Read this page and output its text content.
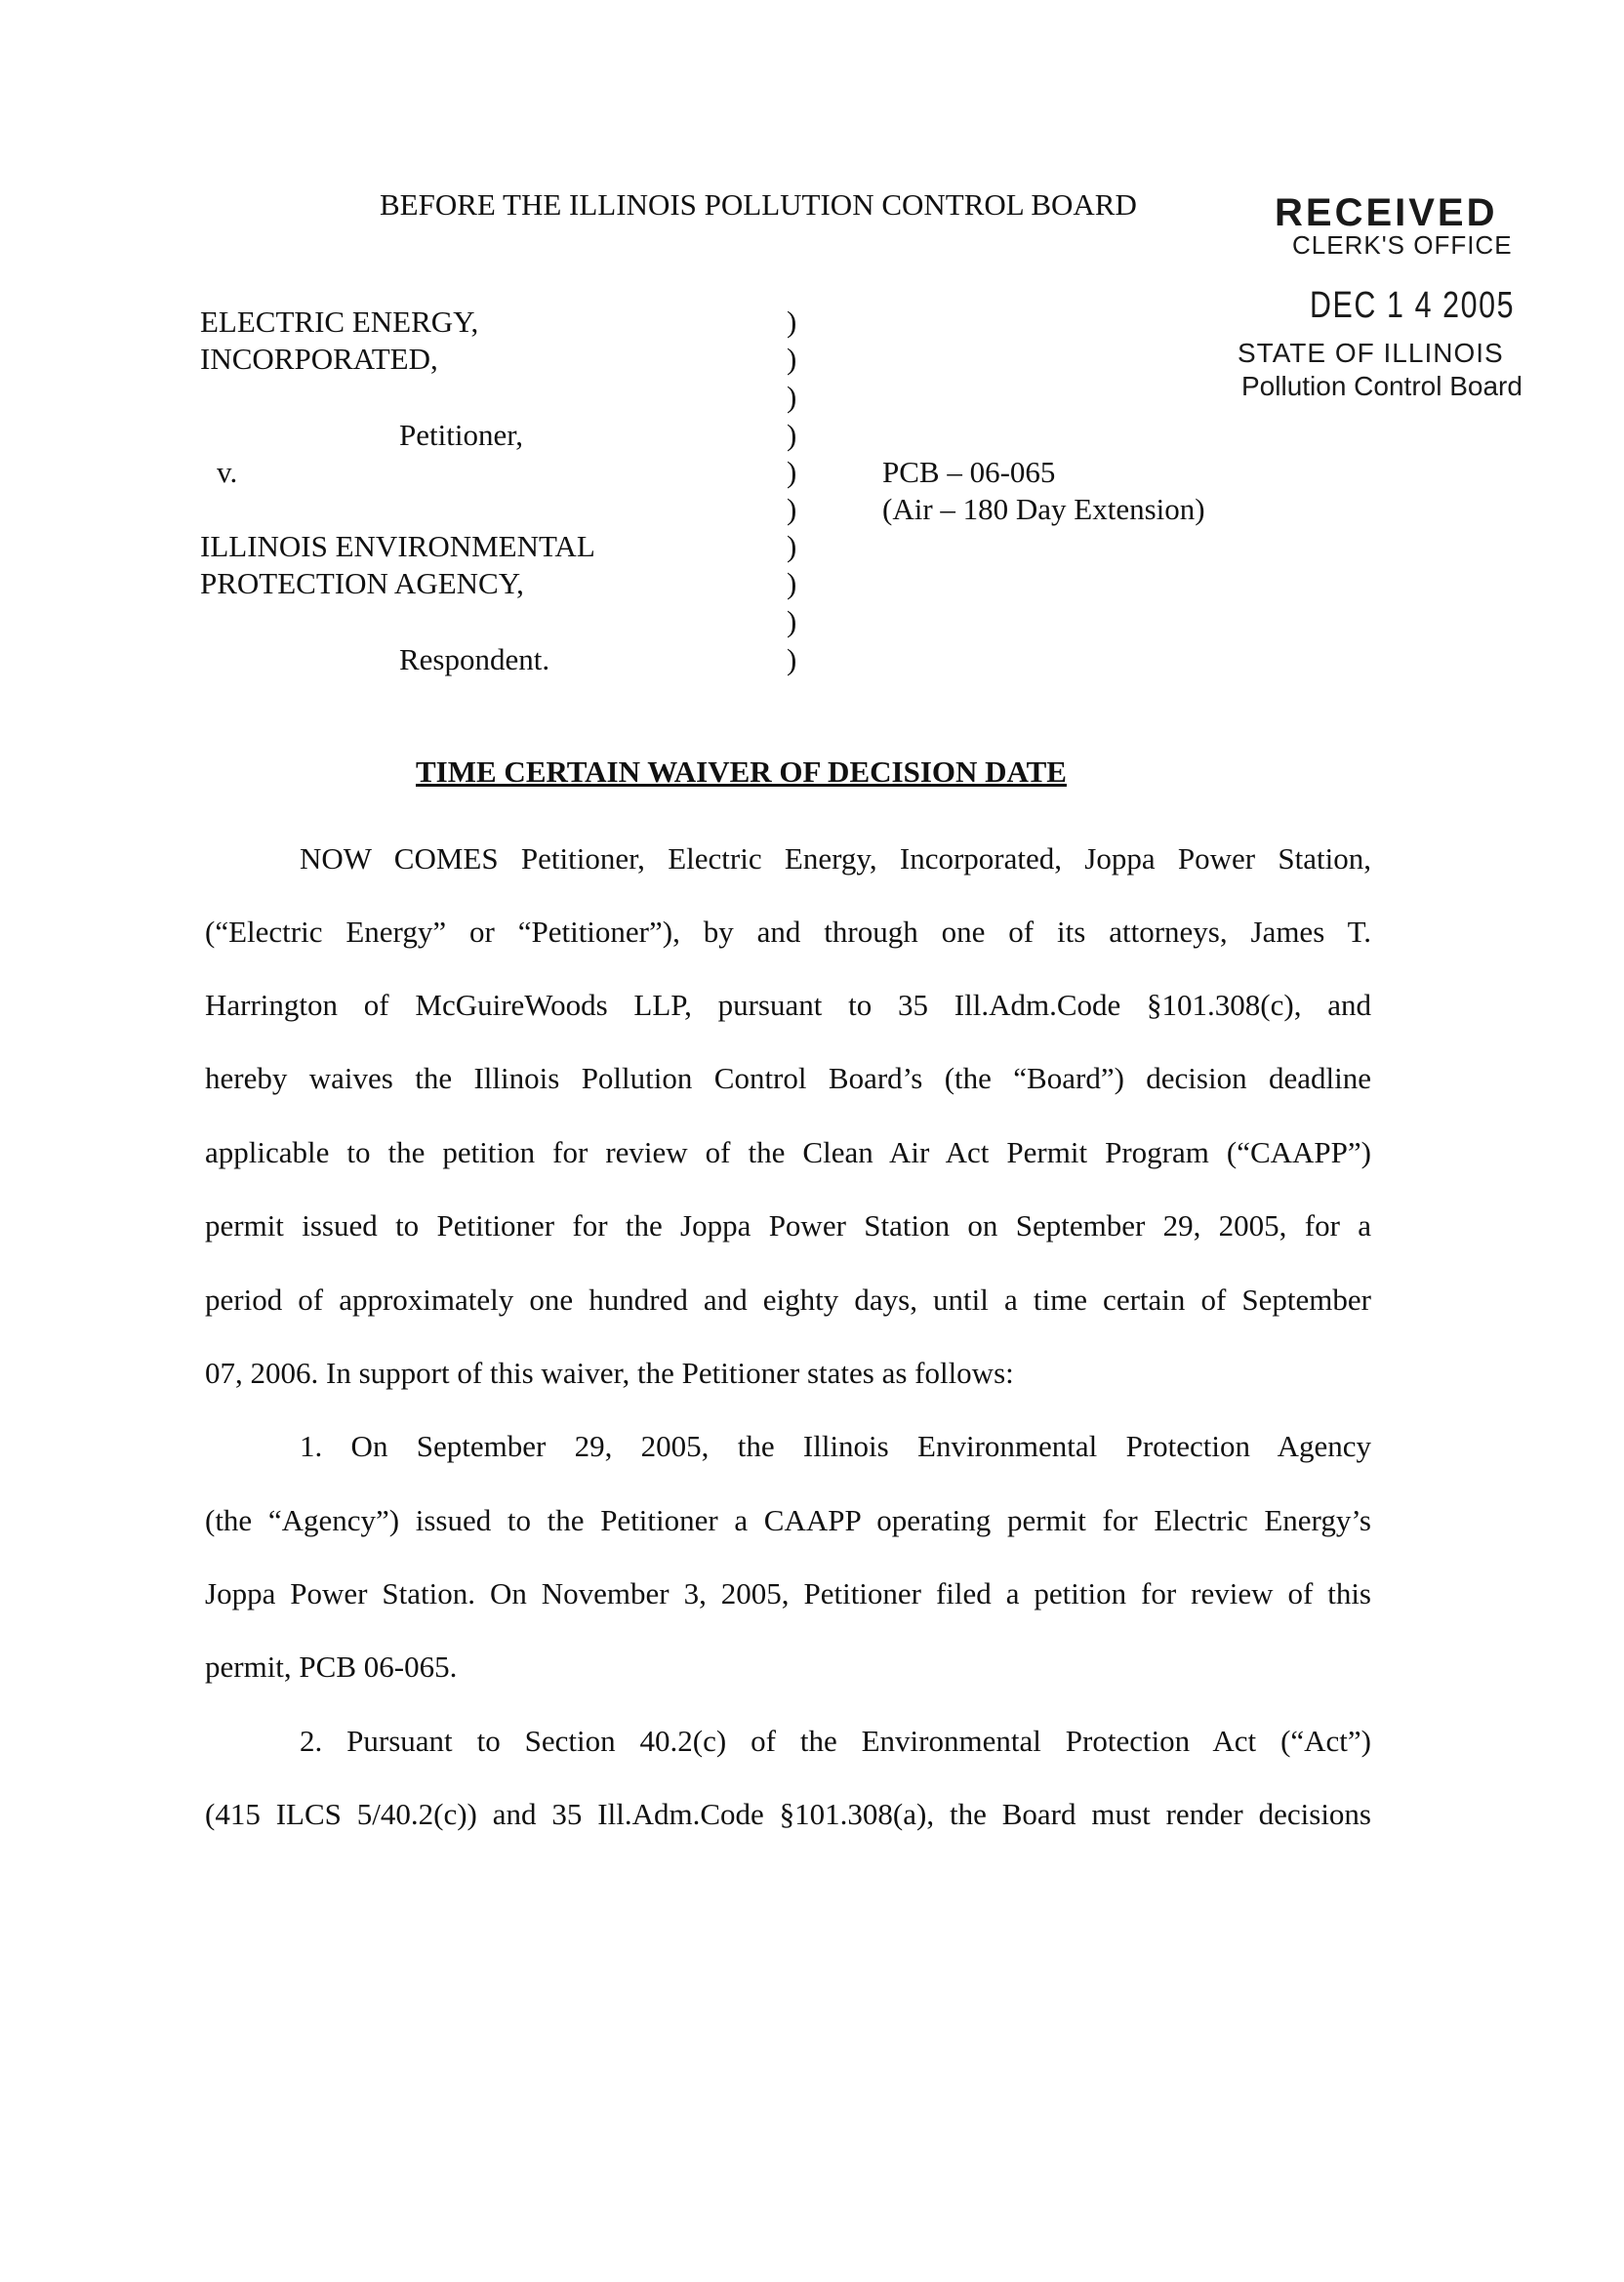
BEFORE THE ILLINOIS POLLUTION CONTROL BOARD	RECEIVED
CLERK'S OFFICE
DEC 1 4 2005
STATE OF ILLINOIS
Pollution Control Board
ELECTRIC ENERGY,
INCORPORATED,
Petitioner,
v.
ILLINOIS ENVIRONMENTAL
PROTECTION AGENCY,
Respondent.
)
)
)
)
)
)
)
)
)
)
PCB – 06-065
(Air – 180 Day Extension)
TIME CERTAIN WAIVER OF DECISION DATE
NOW COMES Petitioner, Electric Energy, Incorporated, Joppa Power Station,
(“Electric Energy” or “Petitioner”), by and through one of its attorneys, James T.
Harrington of McGuireWoods LLP, pursuant to 35 Ill.Adm.Code §101.308(c), and
hereby waives the Illinois Pollution Control Board’s (the “Board”) decision deadline
applicable to the petition for review of the Clean Air Act Permit Program (“CAAPP”)
permit issued to Petitioner for the Joppa Power Station on September 29, 2005, for a
period of approximately one hundred and eighty days, until a time certain of September
07, 2006. In support of this waiver, the Petitioner states as follows:
1. On September 29, 2005, the Illinois Environmental Protection Agency
(the “Agency”) issued to the Petitioner a CAAPP operating permit for Electric Energy’s
Joppa Power Station. On November 3, 2005, Petitioner filed a petition for review of this
permit, PCB 06-065.
2. Pursuant to Section 40.2(c) of the Environmental Protection Act (“Act”)
(415 ILCS 5/40.2(c)) and 35 Ill.Adm.Code §101.308(a), the Board must render decisions
